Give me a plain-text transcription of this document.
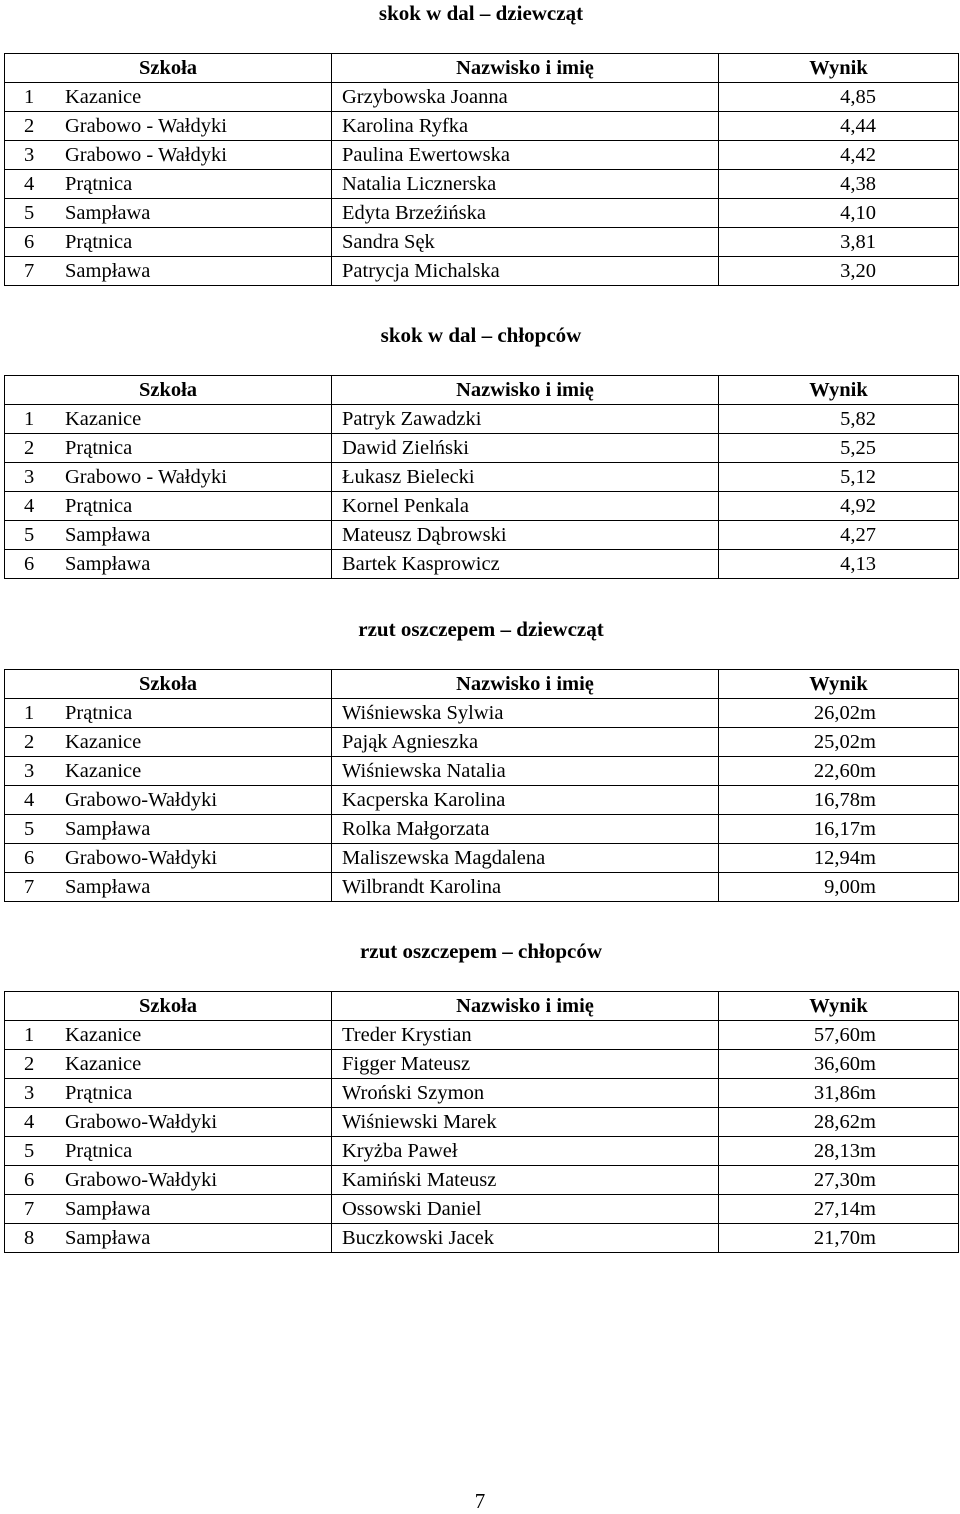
skok w dal – dziewcząt
Szkoła	Nazwisko i imię	Wynik

1 Kazanice	Grzybowska Joanna	4,85

2 Grabowo - Wałdyki	Karolina Ryfka	4,44

3 Grabowo - Wałdyki	Paulina Ewertowska	4,42

4 Prątnica	Natalia Licznerska	4,38

5 Sampława	Edyta Brzeźińska	4,10

6 Prątnica	Sandra Sęk	3,81

7 Sampława	Patrycja Michalska	3,20
skok w dal – chłopców
Szkoła	Nazwisko i imię	Wynik

1 Kazanice	Patryk Zawadzki	5,82

2 Prątnica	Dawid Zielński	5,25

3 Grabowo - Wałdyki	Łukasz Bielecki	5,12

4 Prątnica	Kornel Penkala	4,92

5 Sampława	Mateusz Dąbrowski	4,27

6 Sampława	Bartek Kasprowicz	4,13
rzut oszczepem – dziewcząt
Szkoła	Nazwisko i imię	Wynik

1 Prątnica	Wiśniewska Sylwia	26,02m

2 Kazanice	Pająk Agnieszka	25,02m

3 Kazanice	Wiśniewska Natalia	22,60m

4 Grabowo-Wałdyki	Kacperska Karolina	16,78m

5 Sampława	Rolka Małgorzata	16,17m

6 Grabowo-Wałdyki	Maliszewska Magdalena	12,94m

7 Sampława	Wilbrandt Karolina	9,00m
rzut oszczepem – chłopców
Szkoła	Nazwisko i imię	Wynik

1 Kazanice	Treder Krystian	57,60m

2 Kazanice	Figger Mateusz	36,60m

3 Prątnica	Wroński Szymon	31,86m

4 Grabowo-Wałdyki	Wiśniewski Marek	28,62m

5 Prątnica	Kryżba Paweł	28,13m

6 Grabowo-Wałdyki	Kamiński Mateusz	27,30m

7 Sampława	Ossowski Daniel	27,14m

8 Sampława	Buczkowski Jacek	21,70m
7
